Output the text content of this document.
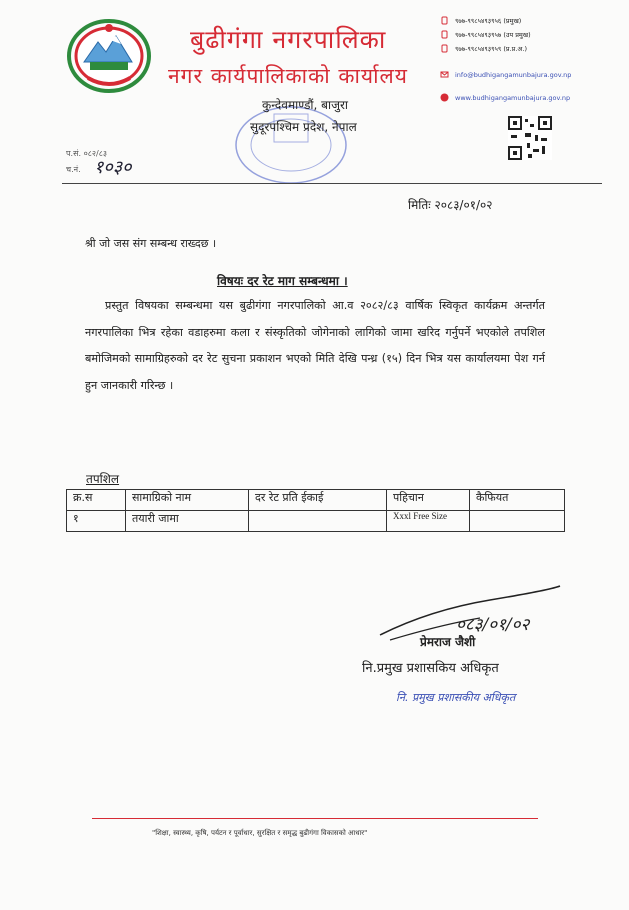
बुढीगंगा नगरपालिका
नगर कार्यपालिकाको कार्यालय
कुन्देवमाण्डौं, बाजुरा
सुदूरपश्चिम प्रदेश, नेपाल
९७७-९९८५४९३९५६ (प्रमुख)
९७७-९९८५४९३९५७ (उप प्रमुख)
९७७-९९८५४९३९५९ (प्र.प्र.अ.)
info@budhigangamunbajura.gov.np
www.budhigangamunbajura.gov.np
प.सं. ०८२/८३
च.नं. १०३०
मितिः २०८३/०१/०२
श्री जो जस संग सम्बन्ध राख्दछ ।
विषयः दर रेट माग सम्बन्धमा ।
प्रस्तुत विषयका सम्बन्धमा यस बुढीगंगा नगरपालिको आ.व २०८२/८३ वार्षिक स्विकृत कार्यक्रम अन्तर्गत नगरपालिका भित्र रहेका वडाहरुमा कला र संस्कृतिको जोगेनाको लागिको जामा खरिद गर्नुपर्ने भएकोले तपशिल बमोजिमको सामाग्रिहरुको दर रेट सुचना प्रकाशन भएको मिति देखि पन्ध्र (१५) दिन भित्र यस कार्यालयमा पेश गर्न हुन जानकारी गरिन्छ ।
तपशिल
क्र.स	सामाग्रिको नाम	दर रेट प्रति ईकाई	पहिचान	कैफियत
१	तयारी जामा		Xxxl Free Size	
०८३/०१/०२
प्रेमराज जैशी
नि.प्रमुख प्रशासकिय अधिकृत
नि. प्रमुख प्रशासकीय अधिकृत
"शिक्षा, स्वास्थ्य, कृषि, पर्यटन र पूर्वाधार, सुरक्षित र समृद्ध बुढीगंगा विकासको आधार"
